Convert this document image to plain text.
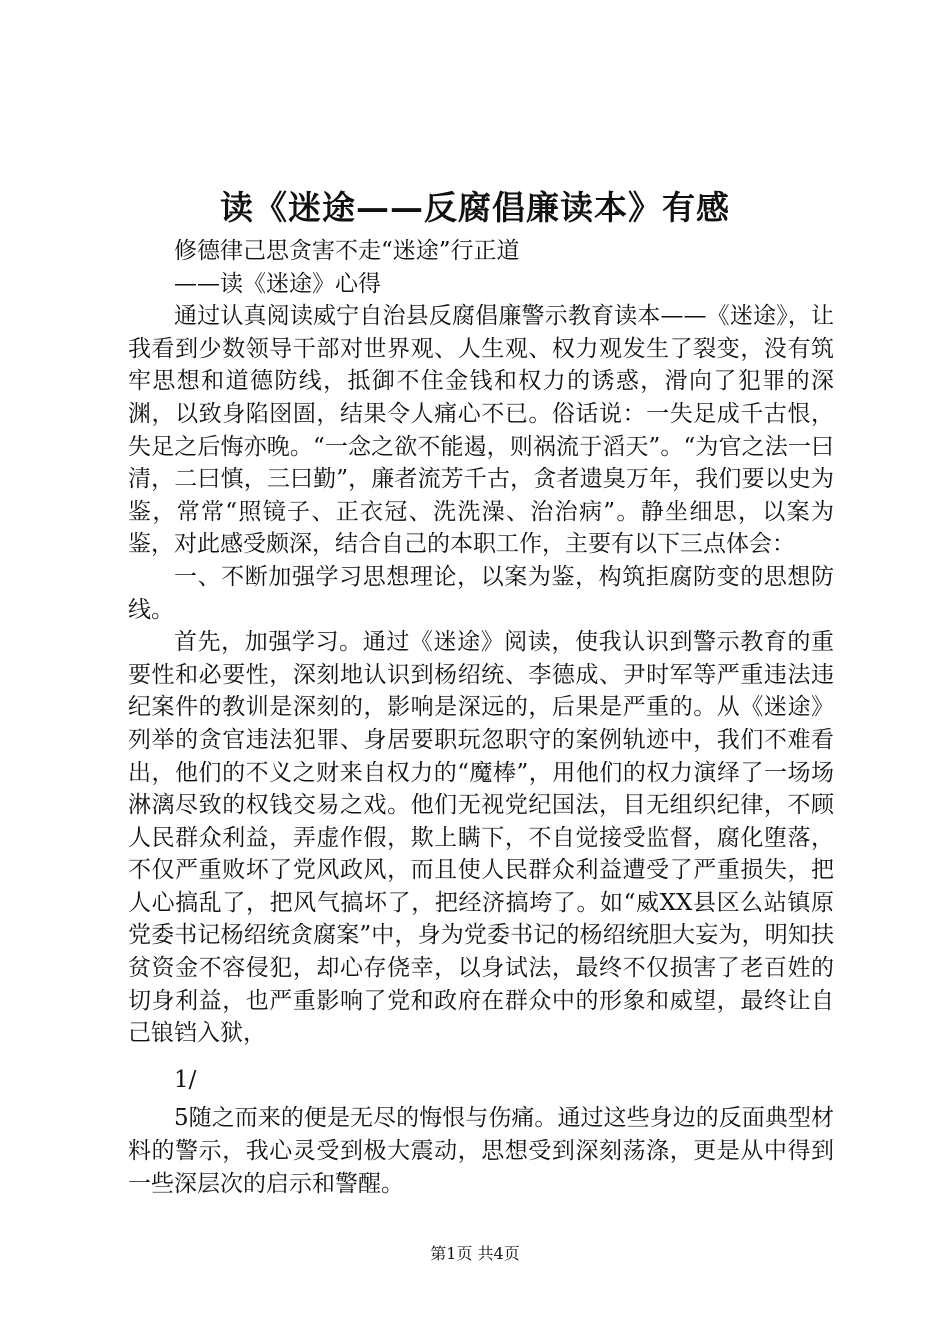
读《迷途——反腐倡廉读本》有感

修德律己思贪害不走“迷途”行正道

——读《迷途》心得

通过认真阅读威宁自治县反腐倡廉警示教育读本——《迷途》，让我看到少数领导干部对世界观、人生观、权力观发生了裂变，没有筑牢思想和道德防线，抵御不住金钱和权力的诱惑，滑向了犯罪的深渊，以致身陷囹圄，结果令人痛心不已。俗话说：一失足成千古恨，失足之后悔亦晚。“一念之欲不能遏，则祸流于滔天”。“为官之法一曰清，二曰慎，三曰勤”，廉者流芳千古，贪者遗臭万年，我们要以史为鉴，常常“照镜子、正衣冠、洗洗澡、治治病”。静坐细思，以案为鉴，对此感受颇深，结合自己的本职工作，主要有以下三点体会：

一、不断加强学习思想理论，以案为鉴，构筑拒腐防变的思想防线。

首先，加强学习。通过《迷途》阅读，使我认识到警示教育的重要性和必要性，深刻地认识到杨绍统、李德成、尹时军等严重违法违纪案件的教训是深刻的，影响是深远的，后果是严重的。从《迷途》列举的贪官违法犯罪、身居要职玩忽职守的案例轨迹中，我们不难看出，他们的不义之财来自权力的“魔棒”，用他们的权力演绎了一场场淋漓尽致的权钱交易之戏。他们无视党纪国法，目无组织纪律，不顾人民群众利益，弄虚作假，欺上瞒下，不自觉接受监督，腐化堕落，不仅严重败坏了党风政风，而且使人民群众利益遭受了严重损失，把人心搞乱了，把风气搞坏了，把经济搞垮了。如“威XX县区么站镇原党委书记杨绍统贪腐案”中，身为党委书记的杨绍统胆大妄为，明知扶贫资金不容侵犯，却心存侥幸，以身试法，最终不仅损害了老百姓的切身利益，也严重影响了党和政府在群众中的形象和威望，最终让自己锒铛入狱，

1/

5随之而来的便是无尽的悔恨与伤痛。通过这些身边的反面典型材料的警示，我心灵受到极大震动，思想受到深刻荡涤，更是从中得到一些深层次的启示和警醒。

第1页 共4页
